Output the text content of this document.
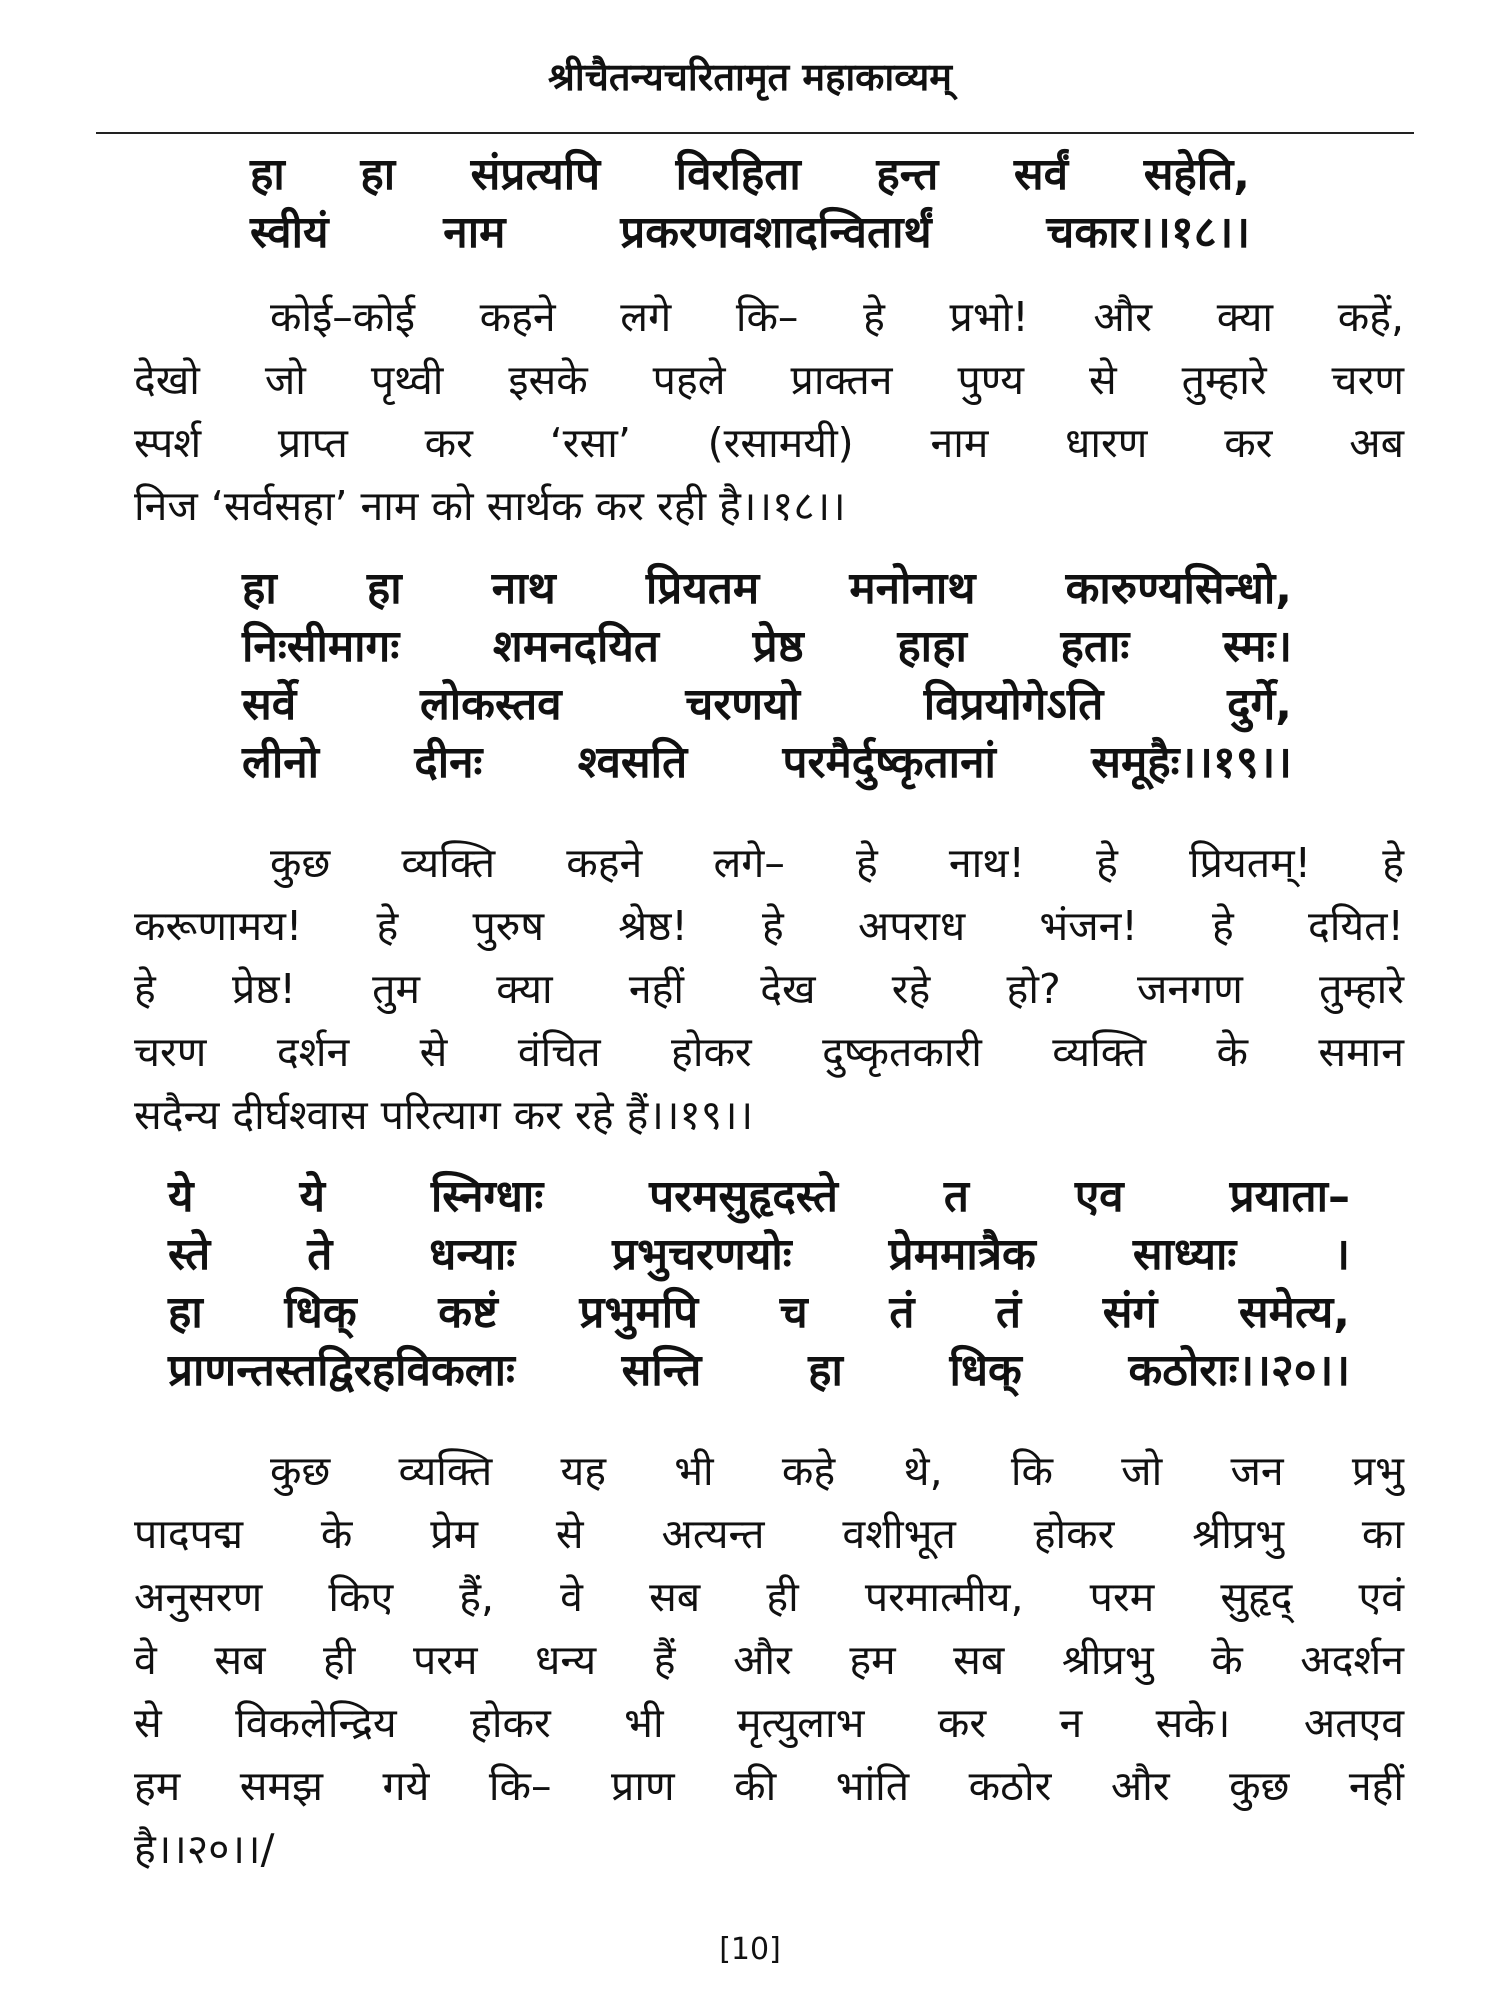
श्रीचैतन्यचरितामृत महाकाव्यम्
हा हा संप्रत्यपि विरहिता हन्त सर्वं सहेति,
स्वीयं नाम प्रकरणवशादन्वितार्थं चकार।।१८।।
कोई–कोई कहने लगे कि– हे प्रभो! और क्या कहें,
देखो जो पृथ्वी इसके पहले प्राक्तन पुण्य से तुम्हारे चरण
स्पर्श प्राप्त कर ‘रसा’ (रसामयी) नाम धारण कर अब
निज ‘सर्वसहा’ नाम को सार्थक कर रही है।।१८।।
हा हा नाथ प्रियतम मनोनाथ कारुण्यसिन्धो,
निःसीमागः शमनदयित प्रेष्ठ हाहा हताः स्मः।
सर्वे लोकस्तव चरणयो विप्रयोगेऽति दुर्गे,
लीनो दीनः श्वसति परमैर्दुष्कृतानां समूहैः।।१९।।
कुछ व्यक्ति कहने लगे– हे नाथ! हे प्रियतम्! हे
करूणामय! हे पुरुष श्रेष्ठ! हे अपराध भंजन! हे दयित!
हे प्रेष्ठ! तुम क्या नहीं देख रहे हो? जनगण तुम्हारे
चरण दर्शन से वंचित होकर दुष्कृतकारी व्यक्ति के समान
सदैन्य दीर्घश्वास परित्याग कर रहे हैं।।१९।।
ये ये स्निग्धाः परमसुहृदस्ते त एव प्रयाता–
स्ते ते धन्याः प्रभुचरणयोः प्रेममात्रैक साध्याः ।
हा धिक् कष्टं प्रभुमपि च तं तं संगं समेत्य,
प्राणन्तस्तद्विरहविकलाः सन्ति हा धिक् कठोराः।।२०।।
कुछ व्यक्ति यह भी कहे थे, कि जो जन प्रभु
पादपद्म के प्रेम से अत्यन्त वशीभूत होकर श्रीप्रभु का
अनुसरण किए हैं, वे सब ही परमात्मीय, परम सुहृद् एवं
वे सब ही परम धन्य हैं और हम सब श्रीप्रभु के अदर्शन
से विकलेन्द्रिय होकर भी मृत्युलाभ कर न सके। अतएव
हम समझ गये कि– प्राण की भांति कठोर और कुछ नहीं
है।।२०।।/
[10]
